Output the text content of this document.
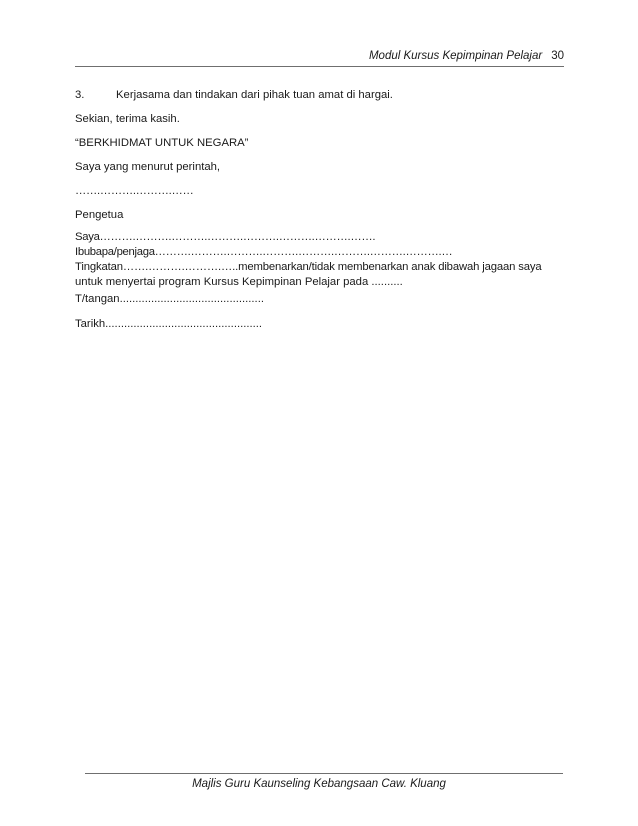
Modul Kursus Kepimpinan Pelajar 30
3.	Kerjasama dan tindakan dari pihak tuan amat di hargai.
Sekian, terima kasih.
“BERKHIDMAT UNTUK NEGARA”
Saya yang menurut perintah,
…….……….……….……
Pengetua
Saya……….……….……….……….……….……….……….…….
Ibubapa/penjaga……….……….……….……….……….……….……….……….…
Tingkatan…….……….……….…..membenarkan/tidak membenarkan anak dibawah jagaan saya
untuk menyertai program Kursus Kepimpinan Pelajar pada ..........
T/tangan..............................................
Tarikh..................................................
Majlis Guru Kaunseling Kebangsaan Caw. Kluang
